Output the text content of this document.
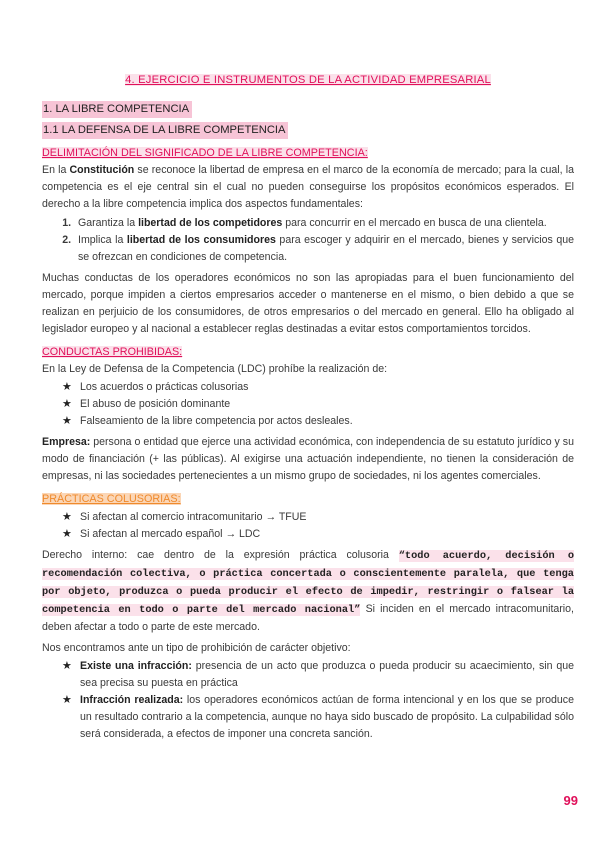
4. EJERCICIO E INSTRUMENTOS DE LA ACTIVIDAD EMPRESARIAL
1. LA LIBRE COMPETENCIA
1.1 LA DEFENSA DE LA LIBRE COMPETENCIA
DELIMITACIÓN DEL SIGNIFICADO DE LA LIBRE COMPETENCIA:

En la Constitución se reconoce la libertad de empresa en el marco de la economía de mercado; para la cual, la competencia es el eje central sin el cual no pueden conseguirse los propósitos económicos esperados. El derecho a la libre competencia implica dos aspectos fundamentales:

1. Garantiza la libertad de los competidores para concurrir en el mercado en busca de una clientela.
2. Implica la libertad de los consumidores para escoger y adquirir en el mercado, bienes y servicios que se ofrezcan en condiciones de competencia.

Muchas conductas de los operadores económicos no son las apropiadas para el buen funcionamiento del mercado, porque impiden a ciertos empresarios acceder o mantenerse en el mismo, o bien debido a que se realizan en perjuicio de los consumidores, de otros empresarios o del mercado en general. Ello ha obligado al legislador europeo y al nacional a establecer reglas destinadas a evitar estos comportamientos torcidos.

CONDUCTAS PROHIBIDAS:

En la Ley de Defensa de la Competencia (LDC) prohíbe la realización de:

★ Los acuerdos o prácticas colusorias
★ El abuso de posición dominante
★ Falseamiento de la libre competencia por actos desleales.

Empresa: persona o entidad que ejerce una actividad económica, con independencia de su estatuto jurídico y su modo de financiación (+ las públicas). Al exigirse una actuación independiente, no tienen la consideración de empresas, ni las sociedades pertenecientes a un mismo grupo de sociedades, ni los agentes comerciales.

PRÁCTICAS COLUSORIAS:
★ Si afectan al comercio intracomunitario → TFUE
★ Si afectan al mercado español → LDC

Derecho interno: cae dentro de la expresión práctica colusoria “todo acuerdo, decisión o recomendación colectiva, o práctica concertada o conscientemente paralela, que tenga por objeto, produzca o pueda producir el efecto de impedir, restringir o falsear la competencia en todo o parte del mercado nacional” Si inciden en el mercado intracomunitario, deben afectar a todo o parte de este mercado.

Nos encontramos ante un tipo de prohibición de carácter objetivo:

★ Existe una infracción: presencia de un acto que produzca o pueda producir su acaecimiento, sin que sea precisa su puesta en práctica
★ Infracción realizada: los operadores económicos actúan de forma intencional y en los que se produce un resultado contrario a la competencia, aunque no haya sido buscado de propósito. La culpabilidad sólo será considerada, a efectos de imponer una concreta sanción.
99
